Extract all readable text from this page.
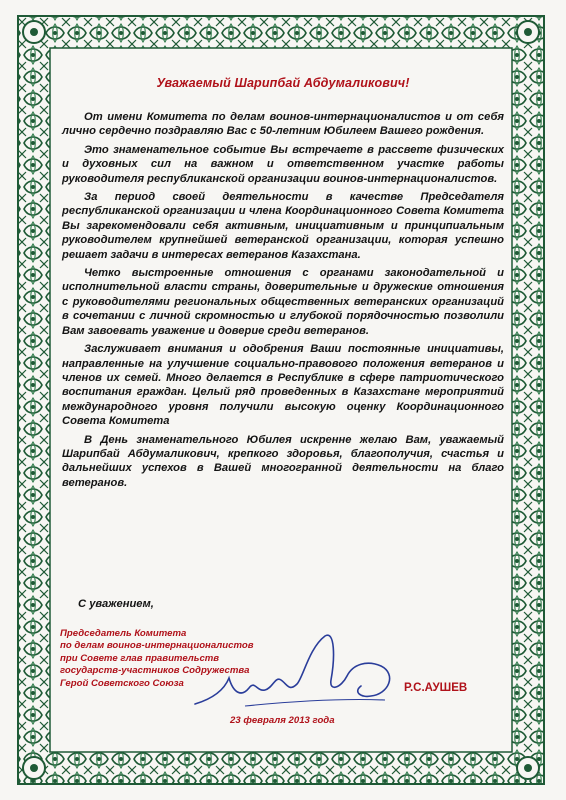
Уважаемый Шарипбай Абдумаликович!

От имени Комитета по делам воинов-интернационалистов и от себя лично сердечно поздравляю Вас с 50-летним Юбилеем Вашего рождения.

Это знаменательное событие Вы встречаете в рассвете физических и духовных сил на важном и ответственном участке работы руководителя республиканской организации воинов-интернационалистов.

За период своей деятельности в качестве Председателя республиканской организации и члена Координационного Совета Комитета Вы зарекомендовали себя активным, инициативным и принципиальным руководителем крупнейшей ветеранской организации, которая успешно решает задачи в интересах ветеранов Казахстана.

Четко выстроенные отношения с органами законодательной и исполнительной власти страны, доверительные и дружеские отношения с руководителями региональных общественных ветеранских организаций в сочетании с личной скромностью и глубокой порядочностью позволили Вам завоевать уважение и доверие среди ветеранов.

Заслуживает внимания и одобрения Ваши постоянные инициативы, направленные на улучшение социально-правового положения ветеранов и членов их семей. Много делается в Республике в сфере патриотического воспитания граждан. Целый ряд проведенных в Казахстане мероприятий международного уровня получили высокую оценку Координационного Совета Комитета

В День знаменательного Юбилея искренне желаю Вам, уважаемый Шарипбай Абдумаликович, крепкого здоровья, благополучия, счастья и дальнейших успехов в Вашей многогранной деятельности на благо ветеранов.

С уважением,
Председатель Комитета
по делам воинов-интернационалистов
при Совете глав правительств
государств-участников Содружества
Герой Советского Союза	Р.С.АУШЕВ
23 февраля 2013 года
